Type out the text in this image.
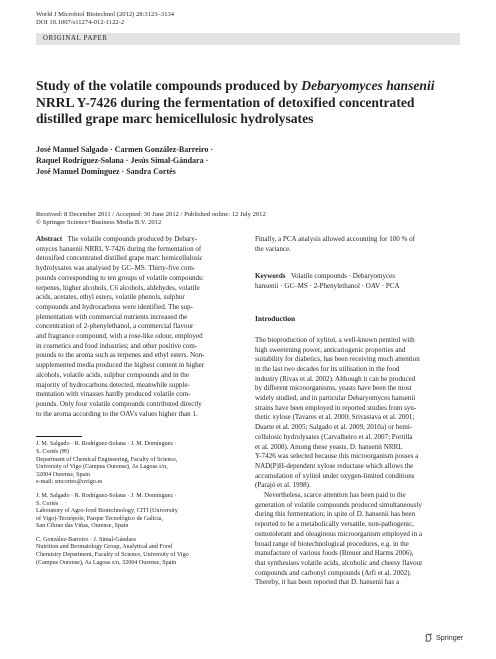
World J Microbiol Biotechnol (2012) 28:3123–3134
DOI 10.1007/s11274-012-1122-2
ORIGINAL PAPER
Study of the volatile compounds produced by Debaryomyces hansenii NRRL Y-7426 during the fermentation of detoxified concentrated distilled grape marc hemicellulosic hydrolysates
José Manuel Salgado · Carmen González-Barreiro ·
Raquel Rodríguez-Solana · Jesús Simal-Gándara ·
José Manuel Domínguez · Sandra Cortés
Received: 8 December 2011 / Accepted: 30 June 2012 / Published online: 12 July 2012
© Springer Science+Business Media B.V. 2012
Abstract The volatile compounds produced by Debary-
omyces hansenii NRRL Y-7426 during the fermentation of
detoxified concentrated distilled grape marc hemicellulosic
hydrolysates was analysed by GC–MS. Thirty-five com-
pounds corresponding to ten groups of volatile compounds:
terpenes, higher alcohols, C6 alcohols, aldehydes, volatile
acids, acetates, ethyl esters, volatile phenols, sulphur
compounds and hydrocarbons were identified. The sup-
plementation with commercial nutrients increased the
concentration of 2-phenylethanol, a commercial flavour
and fragrance compound, with a rose-like odour, employed
in cosmetics and food industries; and other positive com-
pounds to the aroma such as terpenes and ethyl esters. Non-
supplemented media produced the highest content in higher
alcohols, volatile acids, sulphur compounds and in the
majority of hydrocarbons detected, meanwhile supple-
mentation with vinasses hardly produced volatile com-
pounds. Only four volatile compounds contributed directly
to the aroma according to the OAVs values higher than 1.

J. M. Salgado · R. Rodríguez-Solana · J. M. Domínguez ·

S. Cortés (✉)

Department of Chemical Engineering, Faculty of Science,

University of Vigo (Campus Ourense), As Lagoas s/n,

32004 Ourense, Spain

e-mail: smcortes@uvigo.es

J. M. Salgado · R. Rodríguez-Solana · J. M. Domínguez ·

S. Cortés

Laboratory of Agro-food Biotechnology, CITI (University

of Vigo)-Tecnópole, Parque Tecnológico de Galicia,

San Cibrao das Viñas, Ourense, Spain

C. González-Barreiro · J. Simal-Gándara

Nutrition and Bromatology Group, Analytical and Food

Chemistry Department, Faculty of Science, University of Vigo

(Campus Ourense), As Lagoas s/n, 32004 Ourense, Spain

Finally, a PCA analysis allowed accounting for 100 % of
the variance.
Keywords Volatile compounds · Debaryomyces
hansenii · GC–MS · 2-Phenylethanol · OAV · PCA

Introduction

The bioproduction of xylitol, a well-known pentitol with
high sweetening power, anticariogenic properties and
suitability for diabetics, has been receiving much attention
in the last two decades for its utilisation in the food
industry (Rivas et al. 2002). Although it can be produced
by different microorganisms, yeasts have been the most
widely studied, and in particular Debaryomyces hansenii
strains have been employed in reported studies from syn-
thetic xylose (Tavares et al. 2000; Srivastava et al. 2001;
Duarte et al. 2005; Salgado et al. 2009, 2010a) or hemi-
cellulosic hydrolysates (Carvalheiro et al. 2007; Portilla
et al. 2008). Among these yeasts, D. hansenii NRRL
Y-7426 was selected because this microorganism posses a
NAD(P)H-dependent xylose reductase which allows the
accumulation of xylitol under oxygen-limited conditions
(Parajó et al. 1998).
Nevertheless, scarce attention has been paid to the
generation of volatile compounds produced simultaneously
during this fermentation; in spite of D. hansenii has been
reported to be a metabolically versatile, non-pathogenic,
osmotolerant and oleaginous microorganism employed in a
broad range of biotechnological procedures, e.g. in the
manufacture of various foods (Breuer and Harms 2006),
that synthesises volatile acids, alcoholic and cheesy flavour
compounds and carbonyl compounds (Arfi et al. 2002).
Thereby, it has been reported that D. hansenii has a
Springer
